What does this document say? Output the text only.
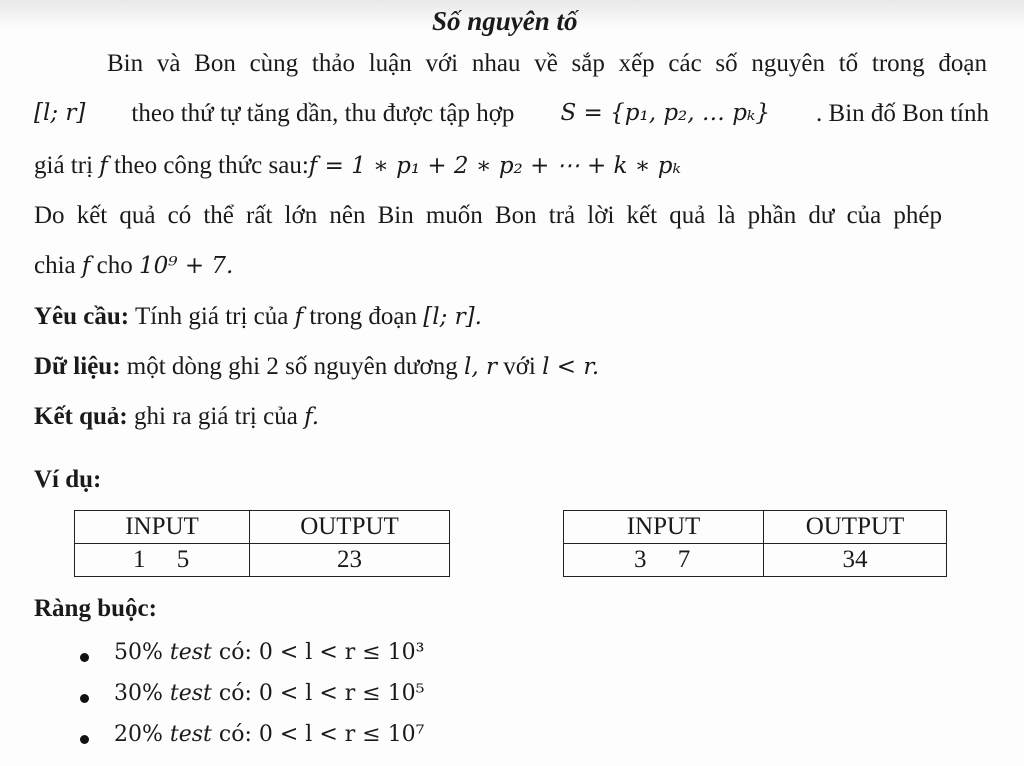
Số nguyên tố
Bin và Bon cùng thảo luận với nhau về sắp xếp các số nguyên tố trong đoạn
[l; r] theo thứ tự tăng dần, thu được tập hợp S = {p₁, p₂, … pₖ} . Bin đố Bon tính
giá trị f theo công thức sau:f = 1 ∗ p₁ + 2 ∗ p₂ + ⋯ + k ∗ pₖ
Do kết quả có thể rất lớn nên Bin muốn Bon trả lời kết quả là phần dư của phép
chia f cho 10⁹ + 7.
Yêu cầu: Tính giá trị của f trong đoạn [l; r].
Dữ liệu: một dòng ghi 2 số nguyên dương l, r với l < r.
Kết quả: ghi ra giá trị của f.
Ví dụ:
INPUT	OUTPUT
1     5	23
INPUT	OUTPUT
3     7	34
Ràng buộc:
50% test có: 0 < l < r ≤ 10³
30% test có: 0 < l < r ≤ 10⁵
20% test có: 0 < l < r ≤ 10⁷
